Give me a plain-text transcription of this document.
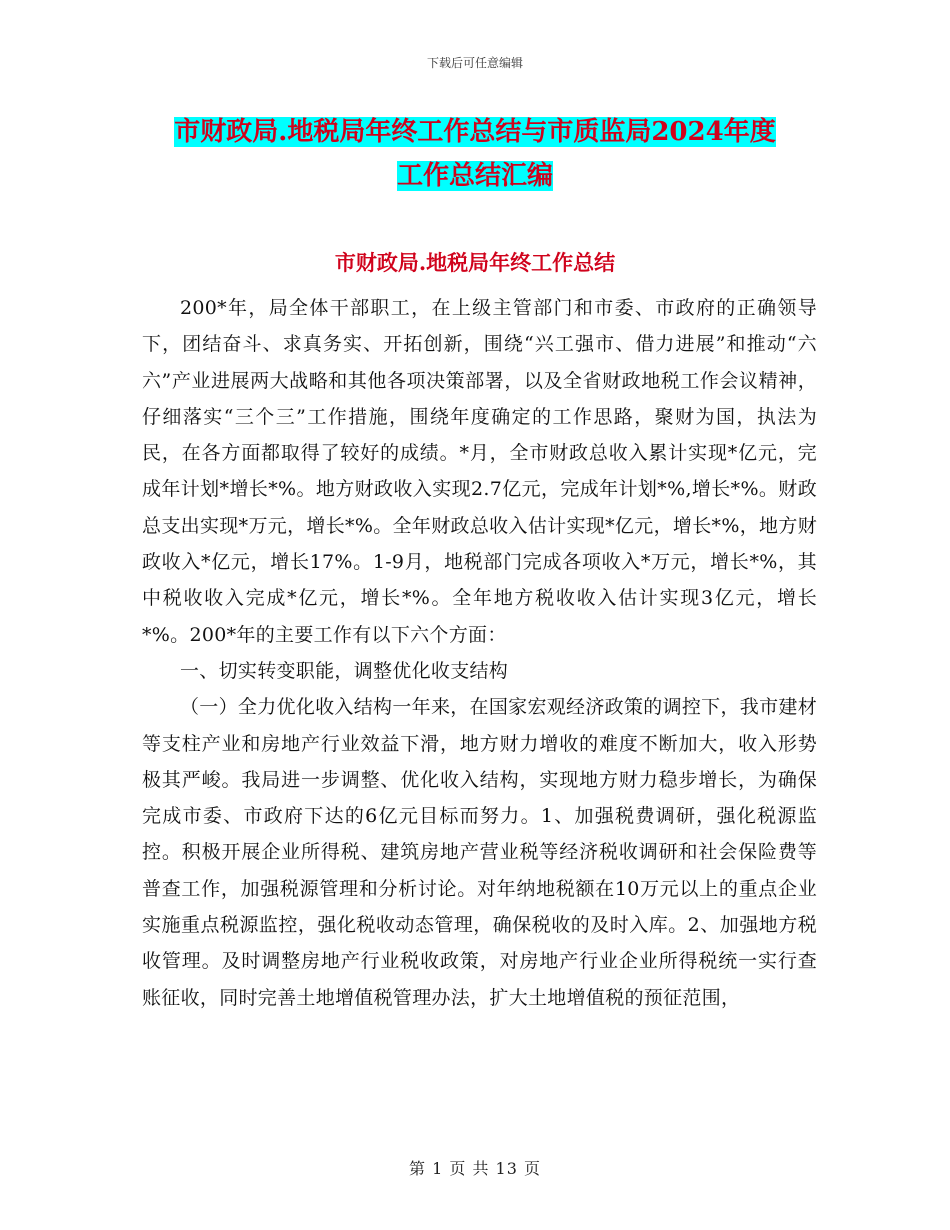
下载后可任意编辑
市财政局.地税局年终工作总结与市质监局2024年度
工作总结汇编
市财政局.地税局年终工作总结

200*年，局全体干部职工，在上级主管部门和市委、市政府的正确领导下，团结奋斗、求真务实、开拓创新，围绕“兴工强市、借力进展”和推动“六六”产业进展两大战略和其他各项决策部署，以及全省财政地税工作会议精神，仔细落实“三个三”工作措施，围绕年度确定的工作思路，聚财为国，执法为民，在各方面都取得了较好的成绩。*月，全市财政总收入累计实现*亿元，完成年计划*增长*%。地方财政收入实现2.7亿元，完成年计划*%,增长*%。财政总支出实现*万元，增长*%。全年财政总收入估计实现*亿元，增长*%，地方财政收入*亿元，增长17%。1-9月，地税部门完成各项收入*万元，增长*%，其中税收收入完成*亿元，增长*%。全年地方税收收入估计实现3亿元，增长*%。200*年的主要工作有以下六个方面：

一、切实转变职能，调整优化收支结构

（一）全力优化收入结构一年来，在国家宏观经济政策的调控下，我市建材等支柱产业和房地产行业效益下滑，地方财力增收的难度不断加大，收入形势极其严峻。我局进一步调整、优化收入结构，实现地方财力稳步增长，为确保完成市委、市政府下达的6亿元目标而努力。1、加强税费调研，强化税源监控。积极开展企业所得税、建筑房地产营业税等经济税收调研和社会保险费等普查工作，加强税源管理和分析讨论。对年纳地税额在10万元以上的重点企业实施重点税源监控，强化税收动态管理，确保税收的及时入库。2、加强地方税收管理。及时调整房地产行业税收政策，对房地产行业企业所得税统一实行查账征收，同时完善土地增值税管理办法，扩大土地增值税的预征范围，

第 1 页 共 13 页
